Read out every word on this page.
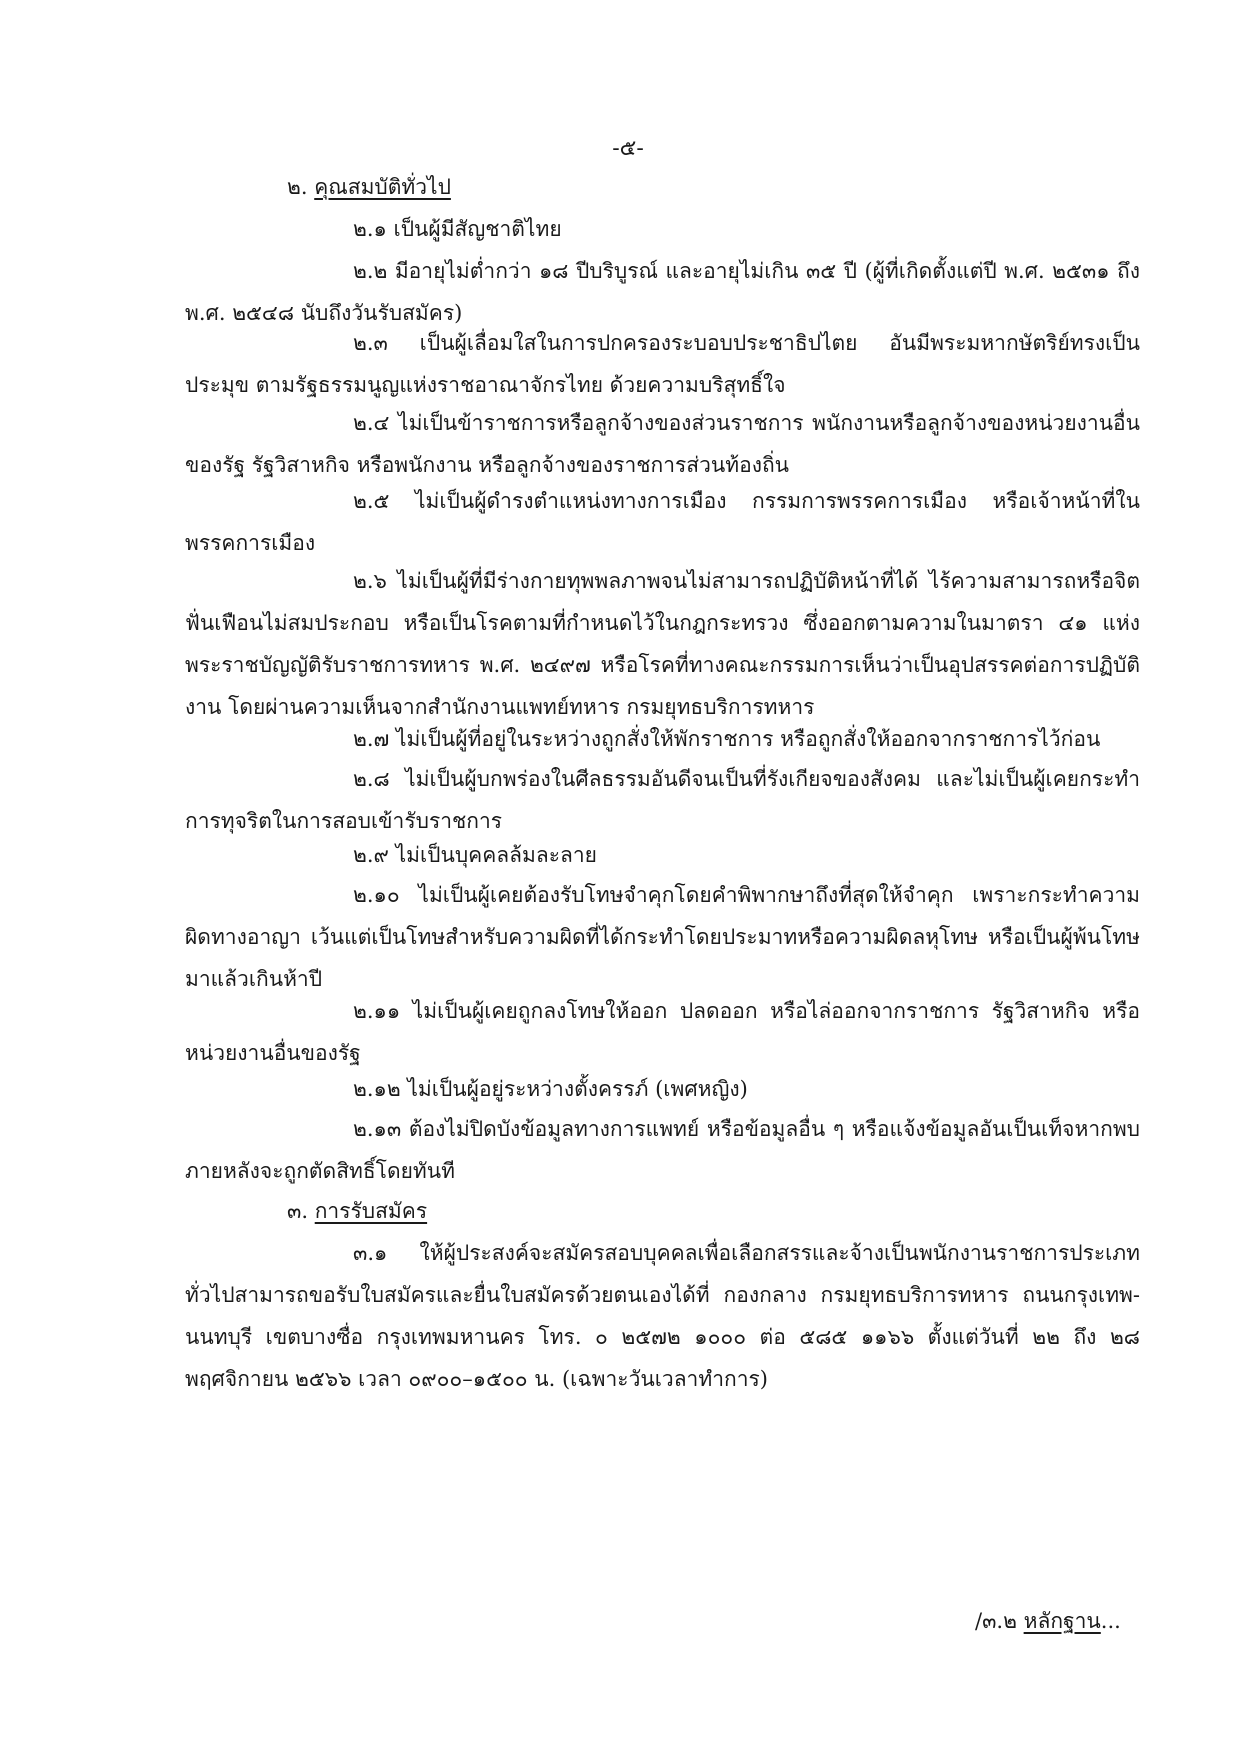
-๕-
๒. คุณสมบัติทั่วไป
๒.๑ เป็นผู้มีสัญชาติไทย
๒.๒ มีอายุไม่ต่ำกว่า ๑๘ ปีบริบูรณ์ และอายุไม่เกิน ๓๕ ปี (ผู้ที่เกิดตั้งแต่ปี พ.ศ. ๒๕๓๑ ถึง พ.ศ. ๒๕๔๘ นับถึงวันรับสมัคร)
๒.๓ เป็นผู้เลื่อมใสในการปกครองระบอบประชาธิปไตย อันมีพระมหากษัตริย์ทรงเป็นประมุข ตามรัฐธรรมนูญแห่งราชอาณาจักรไทย ด้วยความบริสุทธิ์ใจ
๒.๔ ไม่เป็นข้าราชการหรือลูกจ้างของส่วนราชการ พนักงานหรือลูกจ้างของหน่วยงานอื่นของรัฐ รัฐวิสาหกิจ หรือพนักงาน หรือลูกจ้างของราชการส่วนท้องถิ่น
๒.๕ ไม่เป็นผู้ดำรงตำแหน่งทางการเมือง กรรมการพรรคการเมือง หรือเจ้าหน้าที่ในพรรคการเมือง
๒.๖ ไม่เป็นผู้ที่มีร่างกายทุพพลภาพจนไม่สามารถปฏิบัติหน้าที่ได้ ไร้ความสามารถหรือจิตฟั่นเฟือนไม่สมประกอบ หรือเป็นโรคตามที่กำหนดไว้ในกฎกระทรวง ซึ่งออกตามความในมาตรา ๔๑ แห่งพระราชบัญญัติรับราชการทหาร พ.ศ. ๒๔๙๗ หรือโรคที่ทางคณะกรรมการเห็นว่าเป็นอุปสรรคต่อการปฏิบัติงาน โดยผ่านความเห็นจากสำนักงานแพทย์ทหาร กรมยุทธบริการทหาร
๒.๗ ไม่เป็นผู้ที่อยู่ในระหว่างถูกสั่งให้พักราชการ หรือถูกสั่งให้ออกจากราชการไว้ก่อน
๒.๘ ไม่เป็นผู้บกพร่องในศีลธรรมอันดีจนเป็นที่รังเกียจของสังคม และไม่เป็นผู้เคยกระทำการทุจริตในการสอบเข้ารับราชการ
๒.๙ ไม่เป็นบุคคลล้มละลาย
๒.๑๐ ไม่เป็นผู้เคยต้องรับโทษจำคุกโดยคำพิพากษาถึงที่สุดให้จำคุก เพราะกระทำความผิดทางอาญา เว้นแต่เป็นโทษสำหรับความผิดที่ได้กระทำโดยประมาทหรือความผิดลหุโทษ หรือเป็นผู้พ้นโทษมาแล้วเกินห้าปี
๒.๑๑ ไม่เป็นผู้เคยถูกลงโทษให้ออก ปลดออก หรือไล่ออกจากราชการ รัฐวิสาหกิจ หรือหน่วยงานอื่นของรัฐ
๒.๑๒ ไม่เป็นผู้อยู่ระหว่างตั้งครรภ์ (เพศหญิง)
๒.๑๓ ต้องไม่ปิดบังข้อมูลทางการแพทย์ หรือข้อมูลอื่น ๆ หรือแจ้งข้อมูลอันเป็นเท็จหากพบภายหลังจะถูกตัดสิทธิ์โดยทันที
๓. การรับสมัคร
๓.๑ ให้ผู้ประสงค์จะสมัครสอบบุคคลเพื่อเลือกสรรและจ้างเป็นพนักงานราชการประเภททั่วไปสามารถขอรับใบสมัครและยื่นใบสมัครด้วยตนเองได้ที่ กองกลาง กรมยุทธบริการทหาร ถนนกรุงเทพ-นนทบุรี เขตบางซื่อ กรุงเทพมหานคร โทร. ๐ ๒๕๗๒ ๑๐๐๐ ต่อ ๕๘๕ ๑๑๖๖ ตั้งแต่วันที่ ๒๒ ถึง ๒๘ พฤศจิกายน ๒๕๖๖ เวลา ๐๙๐๐–๑๕๐๐ น. (เฉพาะวันเวลาทำการ)
/๓.๒ หลักฐาน...
